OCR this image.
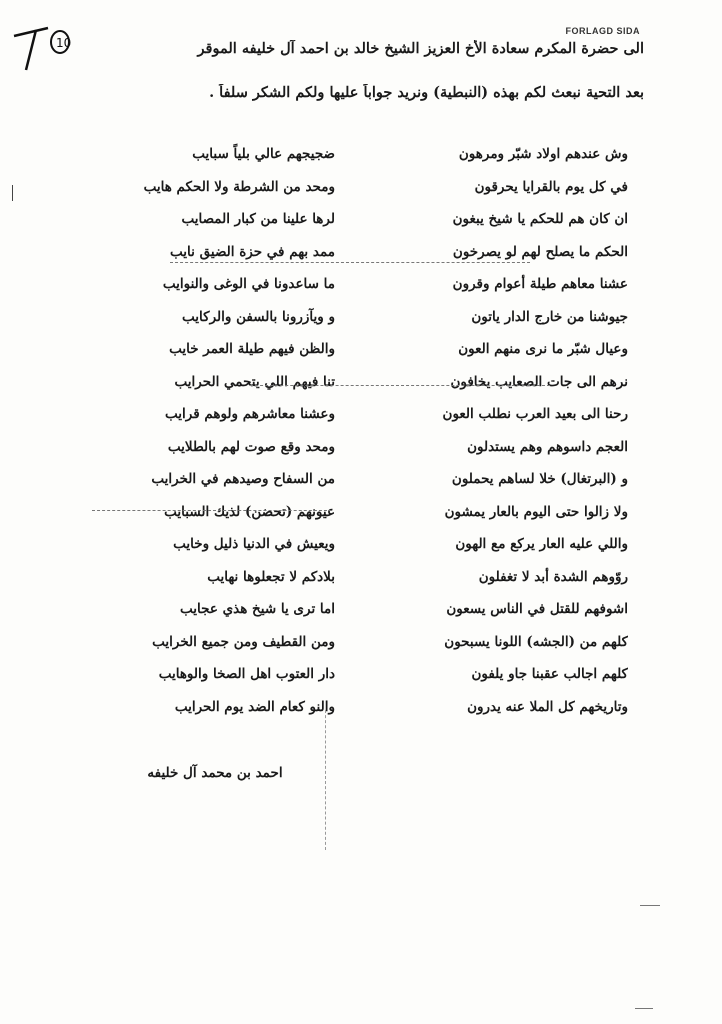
10
FORLAGD SIDA
الى حضرة المكرم سعادة الأخ العزيز الشيخ خالد بن احمد آل خليفه الموقر
بعد التحية نبعث لكم بهذه (النبطية) ونريد جواباً عليها ولكم الشكر سلفاً .
وش عندهم اولاد شبّر ومرهون
في كل يوم بالقرايا يحرقون
ان كان هم للحكم يا شيخ يبغون
الحكم ما يصلح لهم لو يصرخون
عشنا معاهم طيلة أعوام وقرون
جيوشنا من خارج الدار ياتون
وعيال شبّر ما نرى منهم العون
نرهم الى جات الصعايب يخافون
رحنا الى بعيد العرب نطلب العون
العجم داسوهم وهم يستدلون
و (البرتغال) خلا لساهم يحملون
ولا زالوا حتى اليوم بالعار يمشون
واللي عليه العار يركع مع الهون
روّوهم الشدة أبد لا تغفلون
اشوفهم للقتل في الناس يسعون
كلهم من (الجشه) اللونا يسبحون
كلهم اجالب عقبنا جاو يلفون
وتاريخهم كل الملا عنه يدرون
ضجيجهم عالي بلياً سبايب
ومحد من الشرطة ولا الحكم هايب
لرها علينا من كبار المصايب
ممد بهم في حزة الضيق نايب
ما ساعدونا في الوغى والنوايب
و ويآزرونا بالسفن والركايب
والظن فيهم طيلة العمر خايب
تنا فيهم اللي يتحمي الحرايب
وعشنا معاشرهم ولوهم قرايب
ومحد وقع صوت لهم بالطلايب
من السفاح وصيدهم في الخرايب
عيونهم (تحضن) لذيك السبايب
ويعيش في الدنيا ذليل وخايب
بلادكم لا تجعلوها نهايب
اما ترى يا شيخ هذي عجايب
ومن القطيف ومن جميع الخرايب
دار العتوب اهل الصخا والوهايب
والنو كعام الضد يوم الحرايب
احمد بن محمد آل خليفه
